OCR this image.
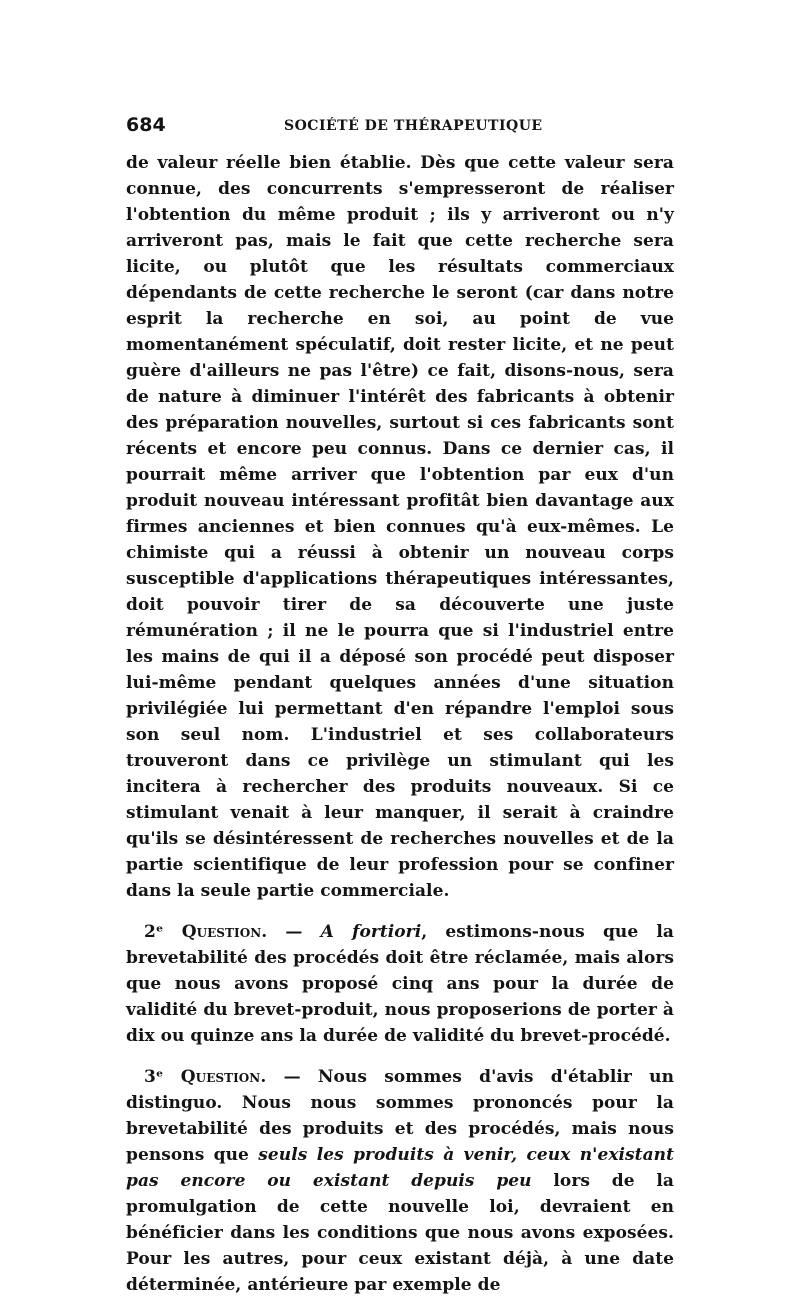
684	SOCIÉTÉ DE THÉRAPEUTIQUE

de valeur réelle bien établie. Dès que cette valeur sera connue, des concurrents s'empresseront de réaliser l'obtention du même produit ; ils y arriveront ou n'y arriveront pas, mais le fait que cette recherche sera licite, ou plutôt que les résultats commerciaux dépendants de cette recherche le seront (car dans notre esprit la recherche en soi, au point de vue momentanément spéculatif, doit rester licite, et ne peut guère d'ailleurs ne pas l'être) ce fait, disons-nous, sera de nature à diminuer l'intérêt des fabricants à obtenir des préparation nouvelles, surtout si ces fabricants sont récents et encore peu connus. Dans ce dernier cas, il pourrait même arriver que l'obtention par eux d'un produit nouveau intéressant profitât bien davantage aux firmes anciennes et bien connues qu'à eux-mêmes. Le chimiste qui a réussi à obtenir un nouveau corps susceptible d'applications thérapeutiques intéressantes, doit pouvoir tirer de sa découverte une juste rémunération ; il ne le pourra que si l'industriel entre les mains de qui il a déposé son procédé peut disposer lui-même pendant quelques années d'une situation privilégiée lui permettant d'en répandre l'emploi sous son seul nom. L'industriel et ses collaborateurs trouveront dans ce privilège un stimulant qui les incitera à rechercher des produits nouveaux. Si ce stimulant venait à leur manquer, il serait à craindre qu'ils se désintéressent de recherches nouvelles et de la partie scientifique de leur profession pour se confiner dans la seule partie commerciale.

2ᵉ Question. — A fortiori, estimons-nous que la brevetabilité des procédés doit être réclamée, mais alors que nous avons proposé cinq ans pour la durée de validité du brevet-produit, nous proposerions de porter à dix ou quinze ans la durée de validité du brevet-procédé.

3ᵉ Question. — Nous sommes d'avis d'établir un distinguo. Nous nous sommes prononcés pour la brevetabilité des produits et des procédés, mais nous pensons que seuls les produits à venir, ceux n'existant pas encore ou existant depuis peu lors de la promulgation de cette nouvelle loi, devraient en bénéficier dans les conditions que nous avons exposées. Pour les autres, pour ceux existant déjà, à une date déterminée, antérieure par exemple de
